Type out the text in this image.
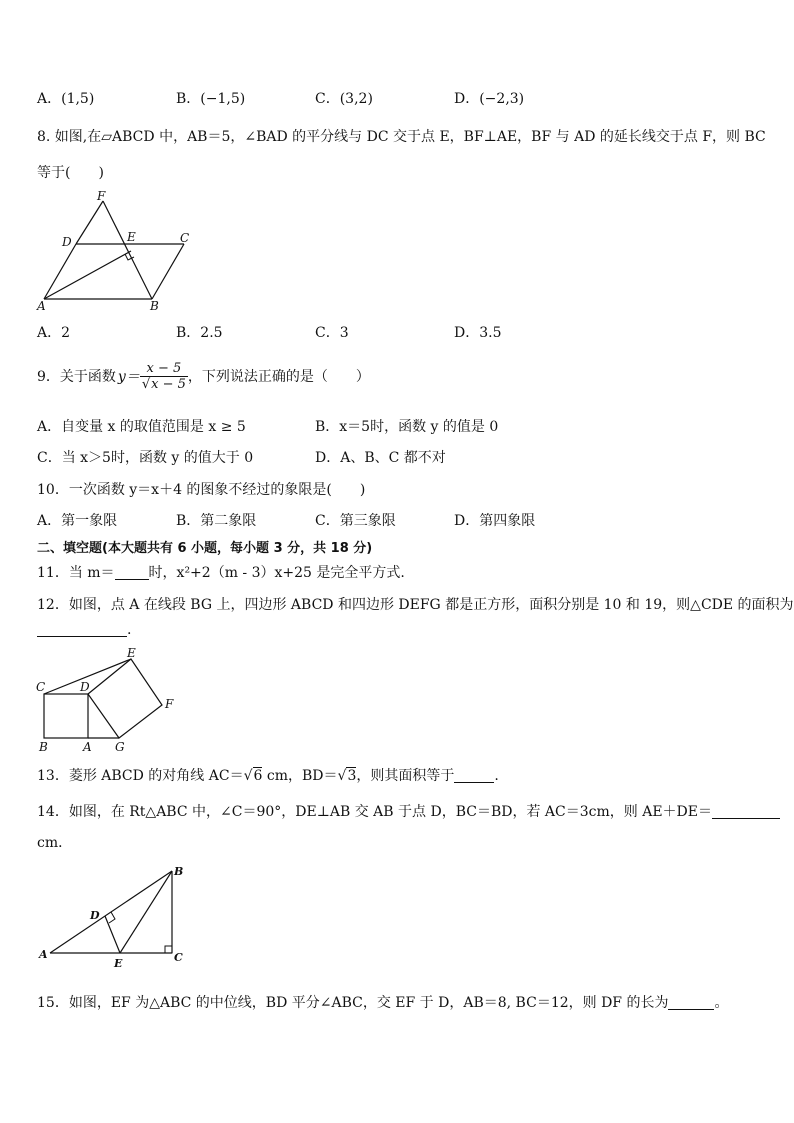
A．(1,5)	B．(−1,5)	C．(3,2)	D．(−2,3)
8. 如图,在▱ABCD 中，AB＝5，∠BAD 的平分线与 DC 交于点 E，BF⊥AE，BF 与 AD 的延长线交于点 F，则 BC
等于(　　)
F
D	E	C
A	B
A．2	B．2.5	C．3	D．3.5
9．关于函数 $y= \frac{x - 5}{√x - 5}$ ，下列说法正确的是（　　）
A．自变量 x 的取值范围是 x ≥ 5	B．x＝5时，函数 y 的值是 0
C．当 x＞5时，函数 y 的值大于 0	D．A、B、C 都不对
10．一次函数 y＝x＋4 的图象不经过的象限是(　　)
A．第一象限	B．第二象限	C．第三象限	D．第四象限
二、填空题(本大题共有 6 小题，每小题 3 分，共 18 分)
11．当 m＝ 时，x²+2（m - 3）x+25 是完全平方式.
12．如图，点 A 在线段 BG 上，四边形 ABCD 和四边形 DEFG 都是正方形，面积分别是 10 和 19，则△CDE 的面积为
.
E
C	D
F
B	A G
13．菱形 ABCD 的对角线 AC＝√6 cm，BD＝√3，则其面积等于	.
14．如图，在 Rt△ABC 中，∠C＝90°，DE⊥AB 交 AB 于点 D，BC＝BD，若 AC＝3cm，则 AE＋DE＝
cm．
B
D
A
E	C
15．如图，EF 为△ABC 的中位线，BD 平分∠ABC，交 EF 于 D，AB＝8, BC＝12，则 DF 的长为	。
